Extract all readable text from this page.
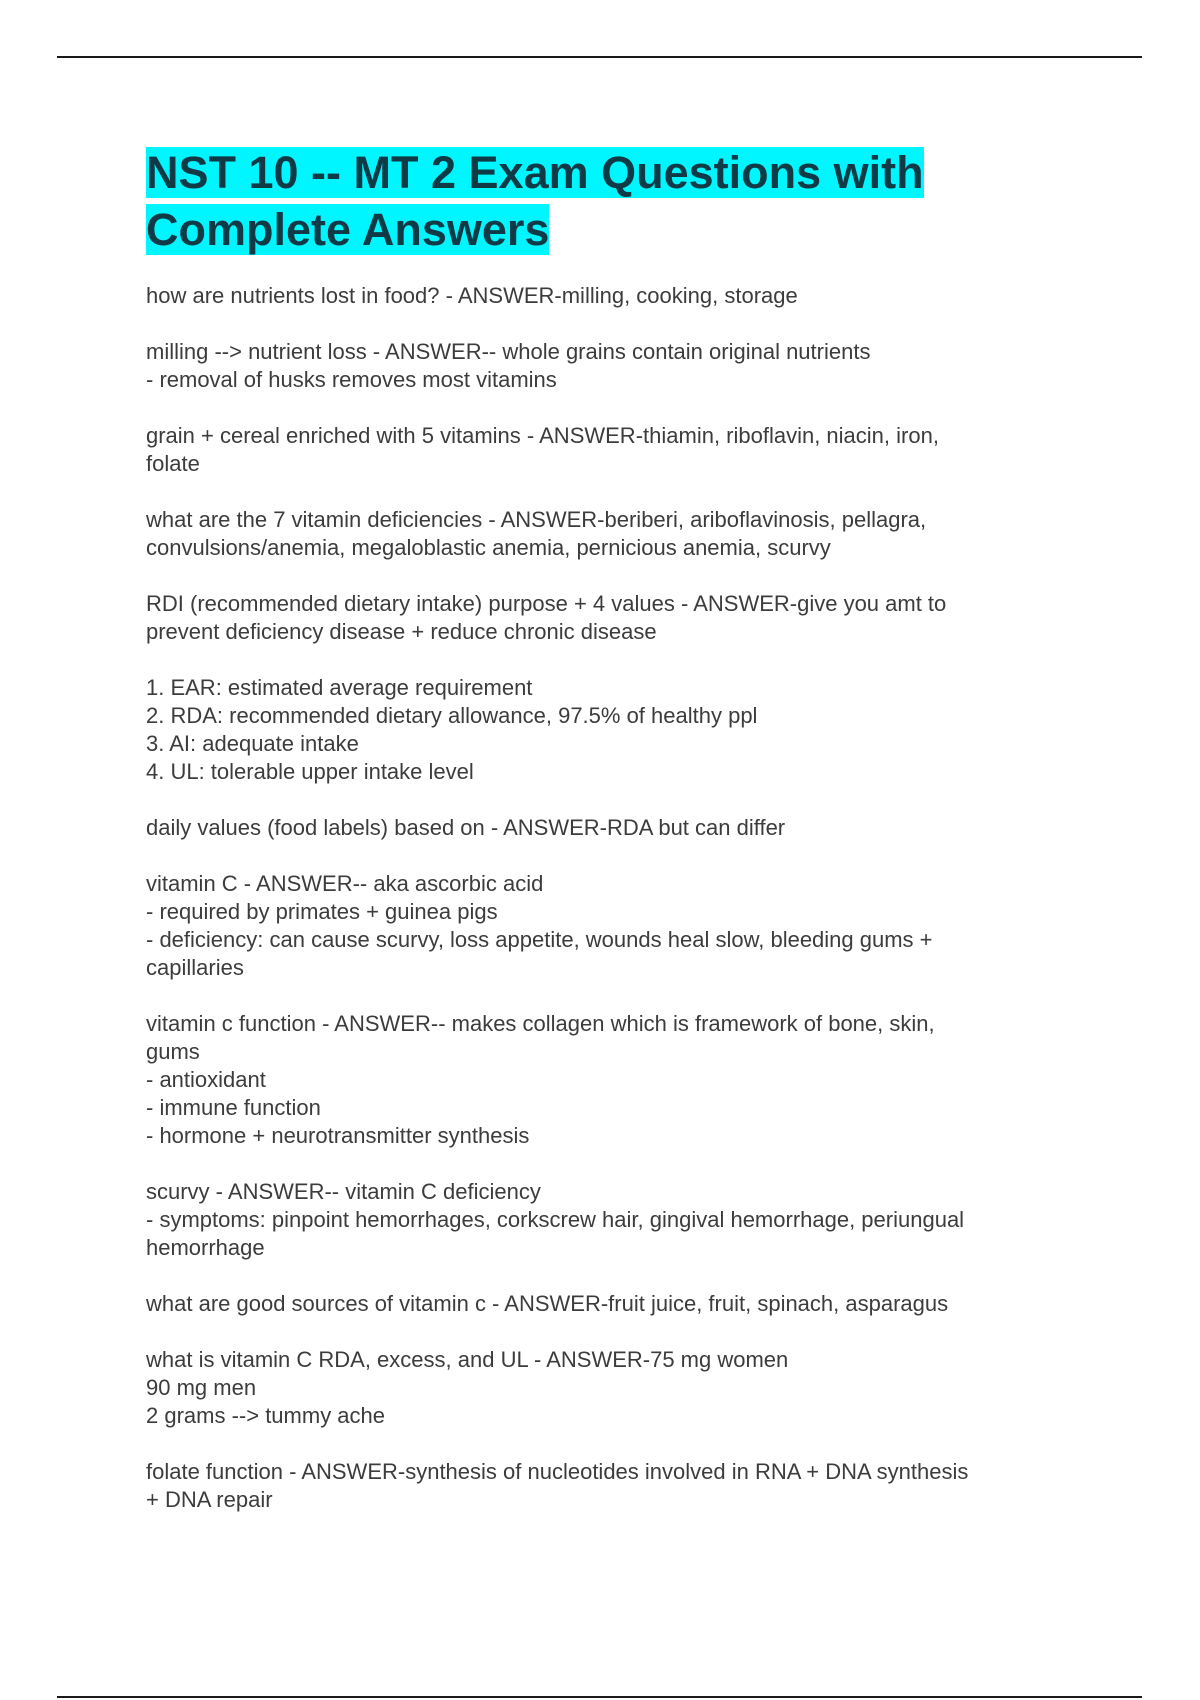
NST 10 -- MT 2 Exam Questions with
Complete Answers

how are nutrients lost in food? - ANSWER-milling, cooking, storage

milling --> nutrient loss - ANSWER-- whole grains contain original nutrients
- removal of husks removes most vitamins

grain + cereal enriched with 5 vitamins - ANSWER-thiamin, riboflavin, niacin, iron,
folate

what are the 7 vitamin deficiencies - ANSWER-beriberi, ariboflavinosis, pellagra,
convulsions/anemia, megaloblastic anemia, pernicious anemia, scurvy

RDI (recommended dietary intake) purpose + 4 values - ANSWER-give you amt to
prevent deficiency disease + reduce chronic disease

1. EAR: estimated average requirement
2. RDA: recommended dietary allowance, 97.5% of healthy ppl
3. AI: adequate intake
4. UL: tolerable upper intake level

daily values (food labels) based on - ANSWER-RDA but can differ

vitamin C - ANSWER-- aka ascorbic acid
- required by primates + guinea pigs
- deficiency: can cause scurvy, loss appetite, wounds heal slow, bleeding gums +
capillaries

vitamin c function - ANSWER-- makes collagen which is framework of bone, skin,
gums
- antioxidant
- immune function
- hormone + neurotransmitter synthesis

scurvy - ANSWER-- vitamin C deficiency
- symptoms: pinpoint hemorrhages, corkscrew hair, gingival hemorrhage, periungual
hemorrhage

what are good sources of vitamin c - ANSWER-fruit juice, fruit, spinach, asparagus

what is vitamin C RDA, excess, and UL - ANSWER-75 mg women
90 mg men
2 grams --> tummy ache

folate function - ANSWER-synthesis of nucleotides involved in RNA + DNA synthesis
+ DNA repair
